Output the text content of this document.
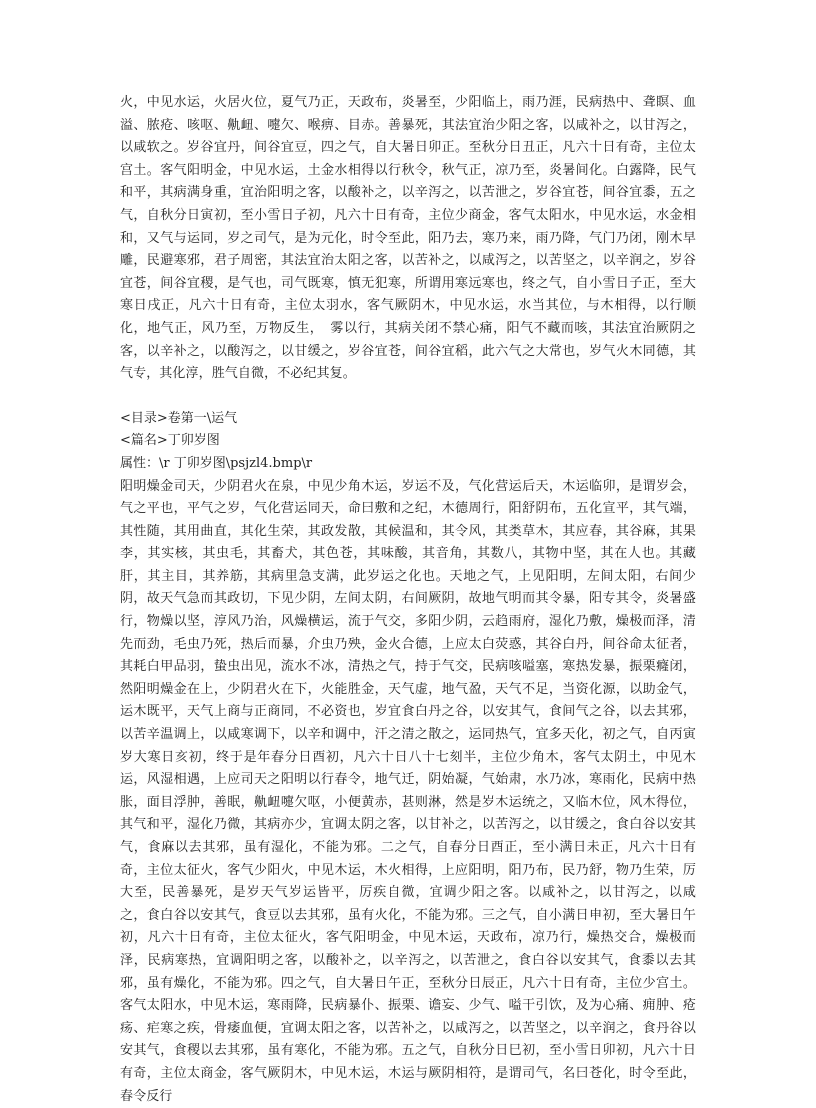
火，中见水运，火居火位，夏气乃正，天政布，炎暑至，少阳临上，雨乃涯，民病热中、聋瞑、血溢、脓疮、咳呕、鼽衄、嚏欠、喉痹、目赤。善暴死，其法宜治少阳之客，以咸补之，以甘泻之，以咸软之。岁谷宜丹，间谷宜豆，四之气，自大暑日卯正。至秋分日丑正，凡六十日有奇，主位太宫土。客气阳明金，中见水运，土金水相得以行秋令，秋气正，凉乃至，炎暑间化。白露降，民气和平，其病满身重，宜治阳明之客，以酸补之，以辛泻之，以苦泄之，岁谷宜苍，间谷宜黍，五之气，自秋分日寅初，至小雪日子初，凡六十日有奇，主位少商金，客气太阳水，中见水运，水金相和，又气与运同，岁之司气，是为元化，时令至此，阳乃去，寒乃来，雨乃降，气门乃闭，刚木早雕，民避寒邪，君子周密，其法宜治太阳之客，以苦补之，以咸泻之，以苦坚之，以辛润之，岁谷宜苍，间谷宜稷，是气也，司气既寒，慎无犯寒，所谓用寒远寒也，终之气，自小雪日子正，至大寒日戌正，凡六十日有奇，主位太羽水，客气厥阴木，中见水运，水当其位，与木相得，以行顺化，地气正，风乃至，万物反生，　雾以行，其病关闭不禁心痛，阳气不藏而咳，其法宜治厥阴之客，以辛补之，以酸泻之，以甘缓之，岁谷宜苍，间谷宜稻，此六气之大常也，岁气火木同德，其气专，其化淳，胜气自微，不必纪其复。

<目录>卷第一\运气

<篇名>丁卯岁图

属性：\r 丁卯岁图\psjzl4.bmp\r

阳明燥金司天，少阴君火在泉，中见少角木运，岁运不及，气化营运后天，木运临卯，是谓岁会，气之平也，平气之岁，气化营运同天，命曰敷和之纪，木德周行，阳舒阴布，五化宣平，其气端，其性随，其用曲直，其化生荣，其政发散，其候温和，其令风，其类草木，其应春，其谷麻，其果李，其实核，其虫毛，其畜犬，其色苍，其味酸，其音角，其数八，其物中坚，其在人也。其藏肝，其主目，其养筋，其病里急支满，此岁运之化也。天地之气，上见阳明，左间太阳，右间少阴，故天气急而其政切，下见少阴，左间太阴，右间厥阴，故地气明而其令暴，阳专其令，炎暑盛行，物燥以坚，淳风乃治，风燥横运，流于气交，多阳少阴，云趋雨府，湿化乃敷，燥极而泽，清先而劲，毛虫乃死，热后而暴，介虫乃殃，金火合德，上应太白荧惑，其谷白丹，间谷命太征者，其耗白甲品羽，蛰虫出见，流水不冰，清热之气，持于气交，民病咳嗌塞，寒热发暴，振栗癃闭，然阳明燥金在上，少阴君火在下，火能胜金，天气虚，地气盈，天气不足，当资化源，以助金气，运木既平，天气上商与正商同，不必资也，岁宜食白丹之谷，以安其气，食间气之谷，以去其邪，以苦辛温调上，以咸寒调下，以辛和调中，汗之清之散之，运同热气，宜多天化，初之气，自丙寅岁大寒日亥初，终于是年春分日酉初，凡六十日八十七刻半，主位少角木，客气太阴土，中见木运，风湿相遇，上应司天之阳明以行春令，地气迁，阴始凝，气始肃，水乃冰，寒雨化，民病中热胀，面目浮肿，善眠，鼽衄嚏欠呕，小便黄赤，甚则淋，然是岁木运统之，又临木位，风木得位，其气和平，湿化乃微，其病亦少，宜调太阴之客，以甘补之，以苦泻之，以甘缓之，食白谷以安其气，食麻以去其邪，虽有湿化，不能为邪。二之气，自春分日酉正，至小满日未正，凡六十日有奇，主位太征火，客气少阳火，中见木运，木火相得，上应阳明，阳乃布，民乃舒，物乃生荣，厉大至，民善暴死，是岁天气岁运皆平，厉疾自微，宜调少阳之客。以咸补之，以甘泻之，以咸　之，食白谷以安其气，食豆以去其邪，虽有火化，不能为邪。三之气，自小满日申初，至大暑日午初，凡六十日有奇，主位太征火，客气阳明金，中见木运，天政布，凉乃行，燥热交合，燥极而泽，民病寒热，宜调阳明之客，以酸补之，以辛泻之，以苦泄之，食白谷以安其气，食黍以去其邪，虽有燥化，不能为邪。四之气，自大暑日午正，至秋分日辰正，凡六十日有奇，主位少宫土。客气太阳水，中见木运，寒雨降，民病暴仆、振栗、谵妄、少气、嗌干引饮，及为心痛、痈肿、疮疡、疟寒之疾，骨痿血便，宜调太阳之客，以苦补之，以咸泻之，以苦坚之，以辛润之，食丹谷以安其气，食稷以去其邪，虽有寒化，不能为邪。五之气，自秋分日巳初，至小雪日卯初，凡六十日有奇，主位太商金，客气厥阴木，中见木运，木运与厥阴相符，是谓司气，名曰苍化，时令至此，春令反行
